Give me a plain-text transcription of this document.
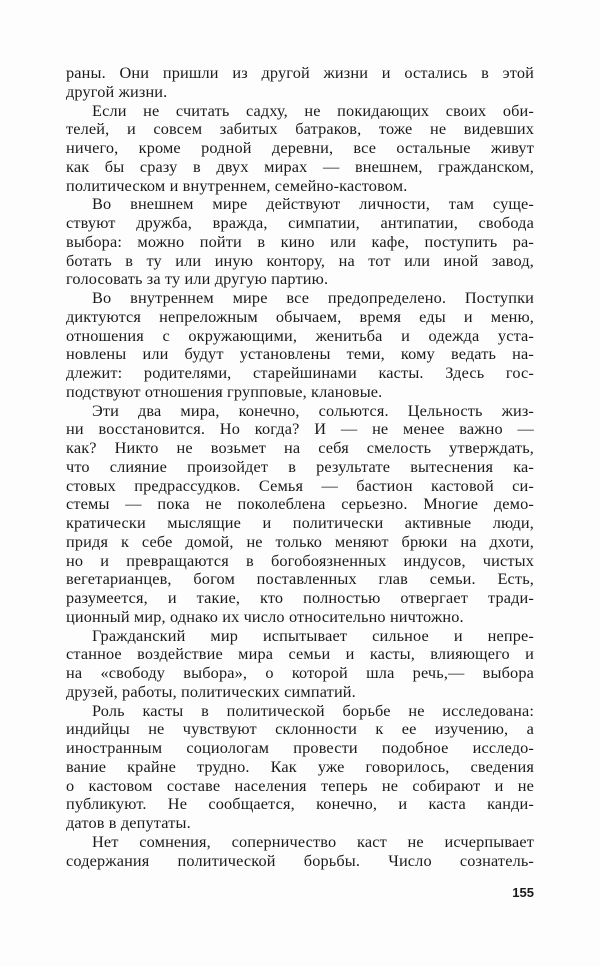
раны. Они пришли из другой жизни и остались в этой
другой жизни.
Если не считать садху, не покидающих своих оби-
телей, и совсем забитых батраков, тоже не видевших
ничего, кроме родной деревни, все остальные живут
как бы сразу в двух мирах — внешнем, гражданском,
политическом и внутреннем, семейно-кастовом.
Во внешнем мире действуют личности, там суще-
ствуют дружба, вражда, симпатии, антипатии, свобода
выбора: можно пойти в кино или кафе, поступить ра-
ботать в ту или иную контору, на тот или иной завод,
голосовать за ту или другую партию.
Во внутреннем мире все предопределено. Поступки
диктуются непреложным обычаем, время еды и меню,
отношения с окружающими, женитьба и одежда уста-
новлены или будут установлены теми, кому ведать на-
длежит: родителями, старейшинами касты. Здесь гос-
подствуют отношения групповые, клановые.
Эти два мира, конечно, сольются. Цельность жиз-
ни восстановится. Но когда? И — не менее важно —
как? Никто не возьмет на себя смелость утверждать,
что слияние произойдет в результате вытеснения ка-
стовых предрассудков. Семья — бастион кастовой си-
стемы — пока не поколеблена серьезно. Многие демо-
кратически мыслящие и политически активные люди,
придя к себе домой, не только меняют брюки на дхоти,
но и превращаются в богобоязненных индусов, чистых
вегетарианцев, богом поставленных глав семьи. Есть,
разумеется, и такие, кто полностью отвергает тради-
ционный мир, однако их число относительно ничтожно.
Гражданский мир испытывает сильное и непре-
станное воздействие мира семьи и касты, влияющего и
на «свободу выбора», о которой шла речь,— выбора
друзей, работы, политических симпатий.
Роль касты в политической борьбе не исследована:
индийцы не чувствуют склонности к ее изучению, а
иностранным социологам провести подобное исследо-
вание крайне трудно. Как уже говорилось, сведения
о кастовом составе населения теперь не собирают и не
публикуют. Не сообщается, конечно, и каста канди-
датов в депутаты.
Нет сомнения, соперничество каст не исчерпывает
содержания политической борьбы. Число сознатель-
155
